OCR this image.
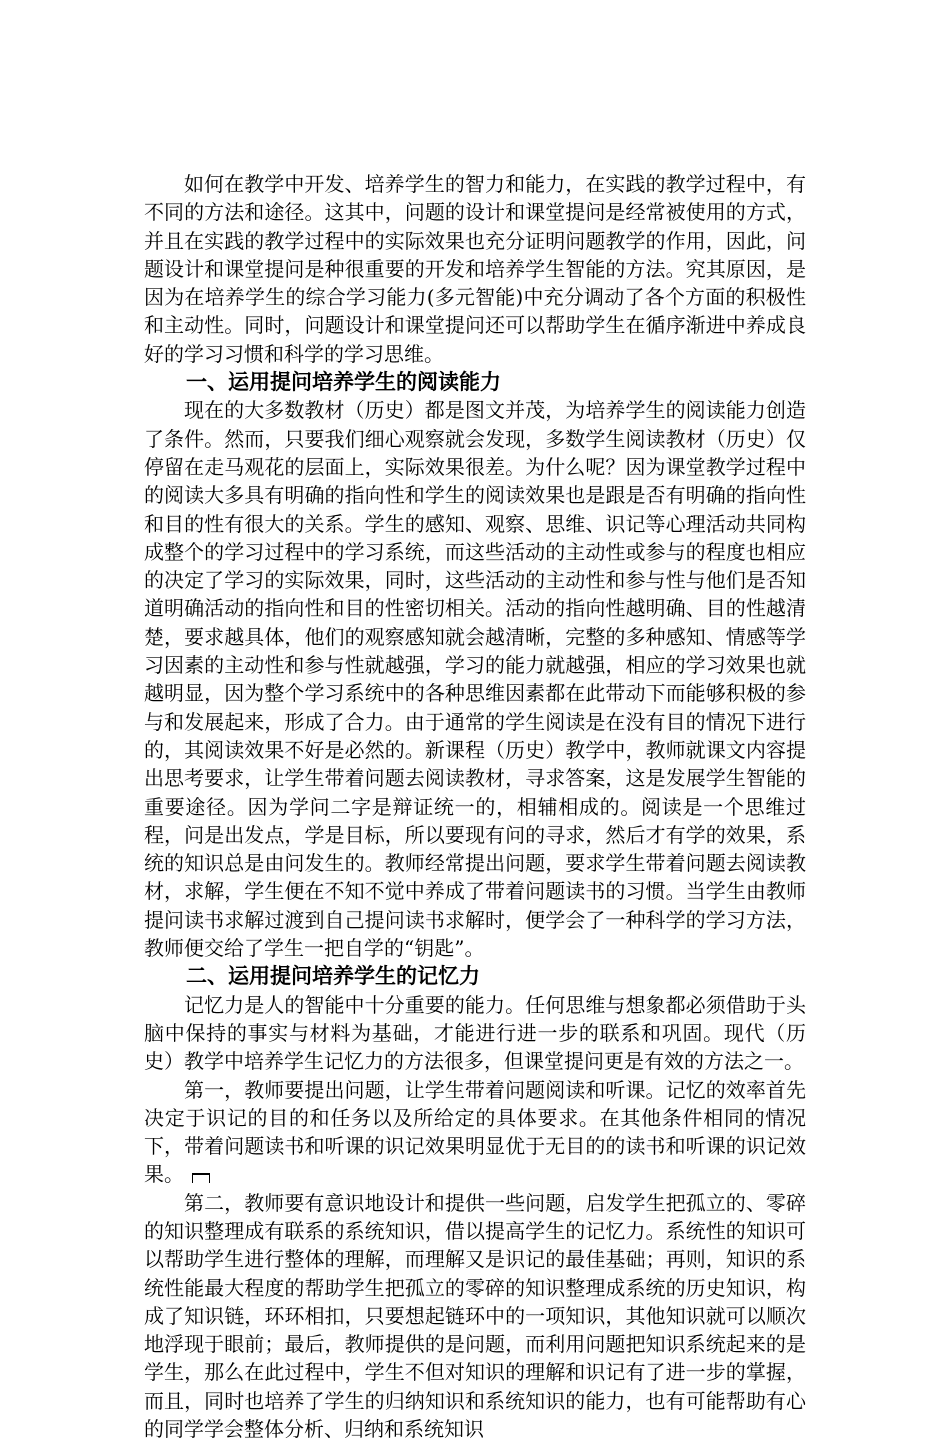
如何在教学中开发、培养学生的智力和能力，在实践的教学过程中，有不同的方法和途径。这其中，问题的设计和课堂提问是经常被使用的方式，并且在实践的教学过程中的实际效果也充分证明问题教学的作用，因此，问题设计和课堂提问是种很重要的开发和培养学生智能的方法。究其原因，是因为在培养学生的综合学习能力(多元智能)中充分调动了各个方面的积极性和主动性。同时，问题设计和课堂提问还可以帮助学生在循序渐进中养成良好的学习习惯和科学的学习思维。

一、运用提问培养学生的阅读能力

现在的大多数教材（历史）都是图文并茂，为培养学生的阅读能力创造了条件。然而，只要我们细心观察就会发现，多数学生阅读教材（历史）仅停留在走马观花的层面上，实际效果很差。为什么呢？因为课堂教学过程中的阅读大多具有明确的指向性和学生的阅读效果也是跟是否有明确的指向性和目的性有很大的关系。学生的感知、观察、思维、识记等心理活动共同构成整个的学习过程中的学习系统，而这些活动的主动性或参与的程度也相应的决定了学习的实际效果，同时，这些活动的主动性和参与性与他们是否知道明确活动的指向性和目的性密切相关。活动的指向性越明确、目的性越清楚，要求越具体，他们的观察感知就会越清晰，完整的多种感知、情感等学习因素的主动性和参与性就越强，学习的能力就越强，相应的学习效果也就越明显，因为整个学习系统中的各种思维因素都在此带动下而能够积极的参与和发展起来，形成了合力。由于通常的学生阅读是在没有目的情况下进行的，其阅读效果不好是必然的。新课程（历史）教学中，教师就课文内容提出思考要求，让学生带着问题去阅读教材，寻求答案，这是发展学生智能的重要途径。因为学问二字是辩证统一的，相辅相成的。阅读是一个思维过程，问是出发点，学是目标，所以要现有问的寻求，然后才有学的效果，系统的知识总是由问发生的。教师经常提出问题，要求学生带着问题去阅读教材，求解，学生便在不知不觉中养成了带着问题读书的习惯。当学生由教师提问读书求解过渡到自己提问读书求解时，便学会了一种科学的学习方法，教师便交给了学生一把自学的“钥匙”。

二、运用提问培养学生的记忆力

记忆力是人的智能中十分重要的能力。任何思维与想象都必须借助于头脑中保持的事实与材料为基础，才能进行进一步的联系和巩固。现代（历史）教学中培养学生记忆力的方法很多，但课堂提问更是有效的方法之一。

第一，教师要提出问题，让学生带着问题阅读和听课。记忆的效率首先决定于识记的目的和任务以及所给定的具体要求。在其他条件相同的情况下，带着问题读书和听课的识记效果明显优于无目的的读书和听课的识记效果。

第二，教师要有意识地设计和提供一些问题，启发学生把孤立的、零碎的知识整理成有联系的系统知识，借以提高学生的记忆力。系统性的知识可以帮助学生进行整体的理解，而理解又是识记的最佳基础；再则，知识的系统性能最大程度的帮助学生把孤立的零碎的知识整理成系统的历史知识，构成了知识链，环环相扣，只要想起链环中的一项知识，其他知识就可以顺次地浮现于眼前；最后，教师提供的是问题，而利用问题把知识系统起来的是学生，那么在此过程中，学生不但对知识的理解和识记有了进一步的掌握，而且，同时也培养了学生的归纳知识和系统知识的能力，也有可能帮助有心的同学学会整体分析、归纳和系统知识
